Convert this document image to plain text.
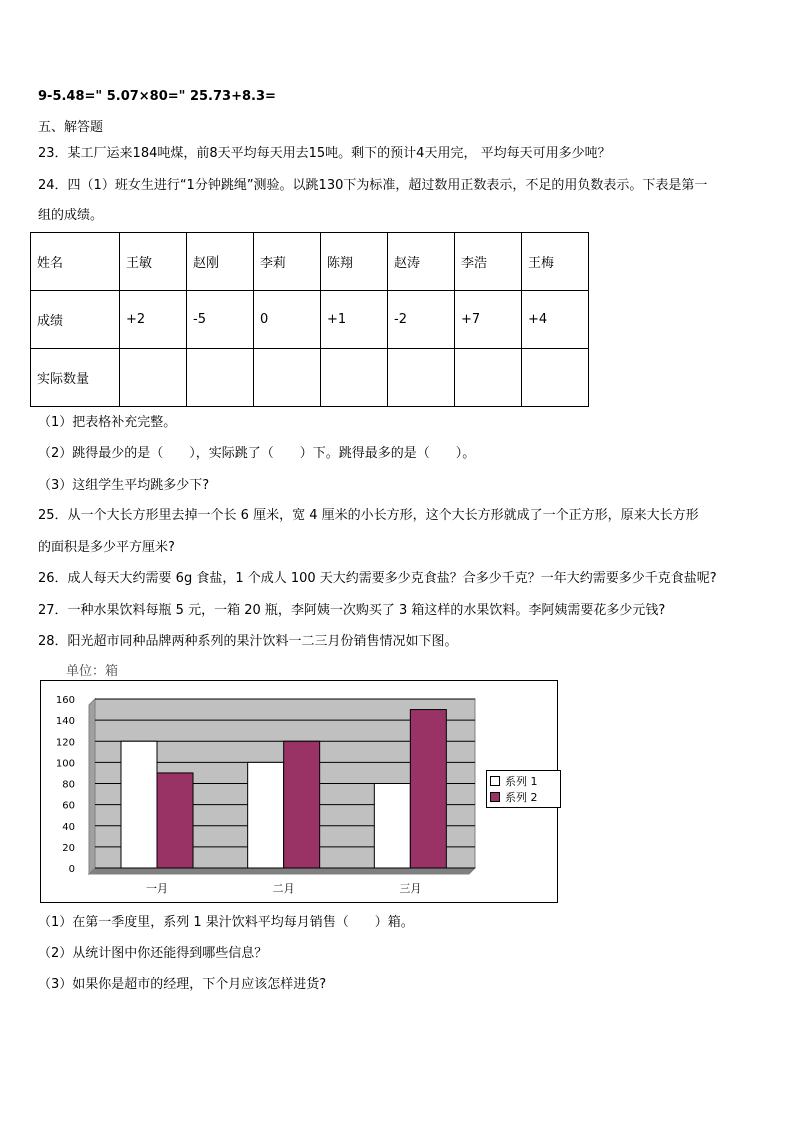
9-5.48=" 5.07×80=" 25.73+8.3=
五、解答题
23．某工厂运来184吨煤，前8天平均每天用去15吨。剩下的预计4天用完， 平均每天可用多少吨？
24．四（1）班女生进行“1分钟跳绳”测验。以跳130下为标准，超过数用正数表示，不足的用负数表示。下表是第一
组的成绩。
姓名	王敏	赵刚	李莉	陈翔	赵涛	李浩	王梅
成绩	+2	-5	0	+1	-2	+7	+4
实际数量							
（1）把表格补充完整。
（2）跳得最少的是（　　），实际跳了（　　）下。跳得最多的是（　　）。
（3）这组学生平均跳多少下?
25．从一个大长方形里去掉一个长 6 厘米，宽 4 厘米的小长方形，这个大长方形就成了一个正方形，原来大长方形
的面积是多少平方厘米?
26．成人每天大约需要 6g 食盐，1 个成人 100 天大约需要多少克食盐？合多少千克？一年大约需要多少千克食盐呢?
27．一种水果饮料每瓶 5 元，一箱 20 瓶，李阿姨一次购买了 3 箱这样的水果饮料。李阿姨需要花多少元钱?
28．阳光超市同种品牌两种系列的果汁饮料一二三月份销售情况如下图。
单位：箱
0
20
40
60
80
100
120
140
160
一月	二月	三月
系列 1
系列 2
（1）在第一季度里，系列 1 果汁饮料平均每月销售（　　）箱。
（2）从统计图中你还能得到哪些信息？
（3）如果你是超市的经理，下个月应该怎样进货?
